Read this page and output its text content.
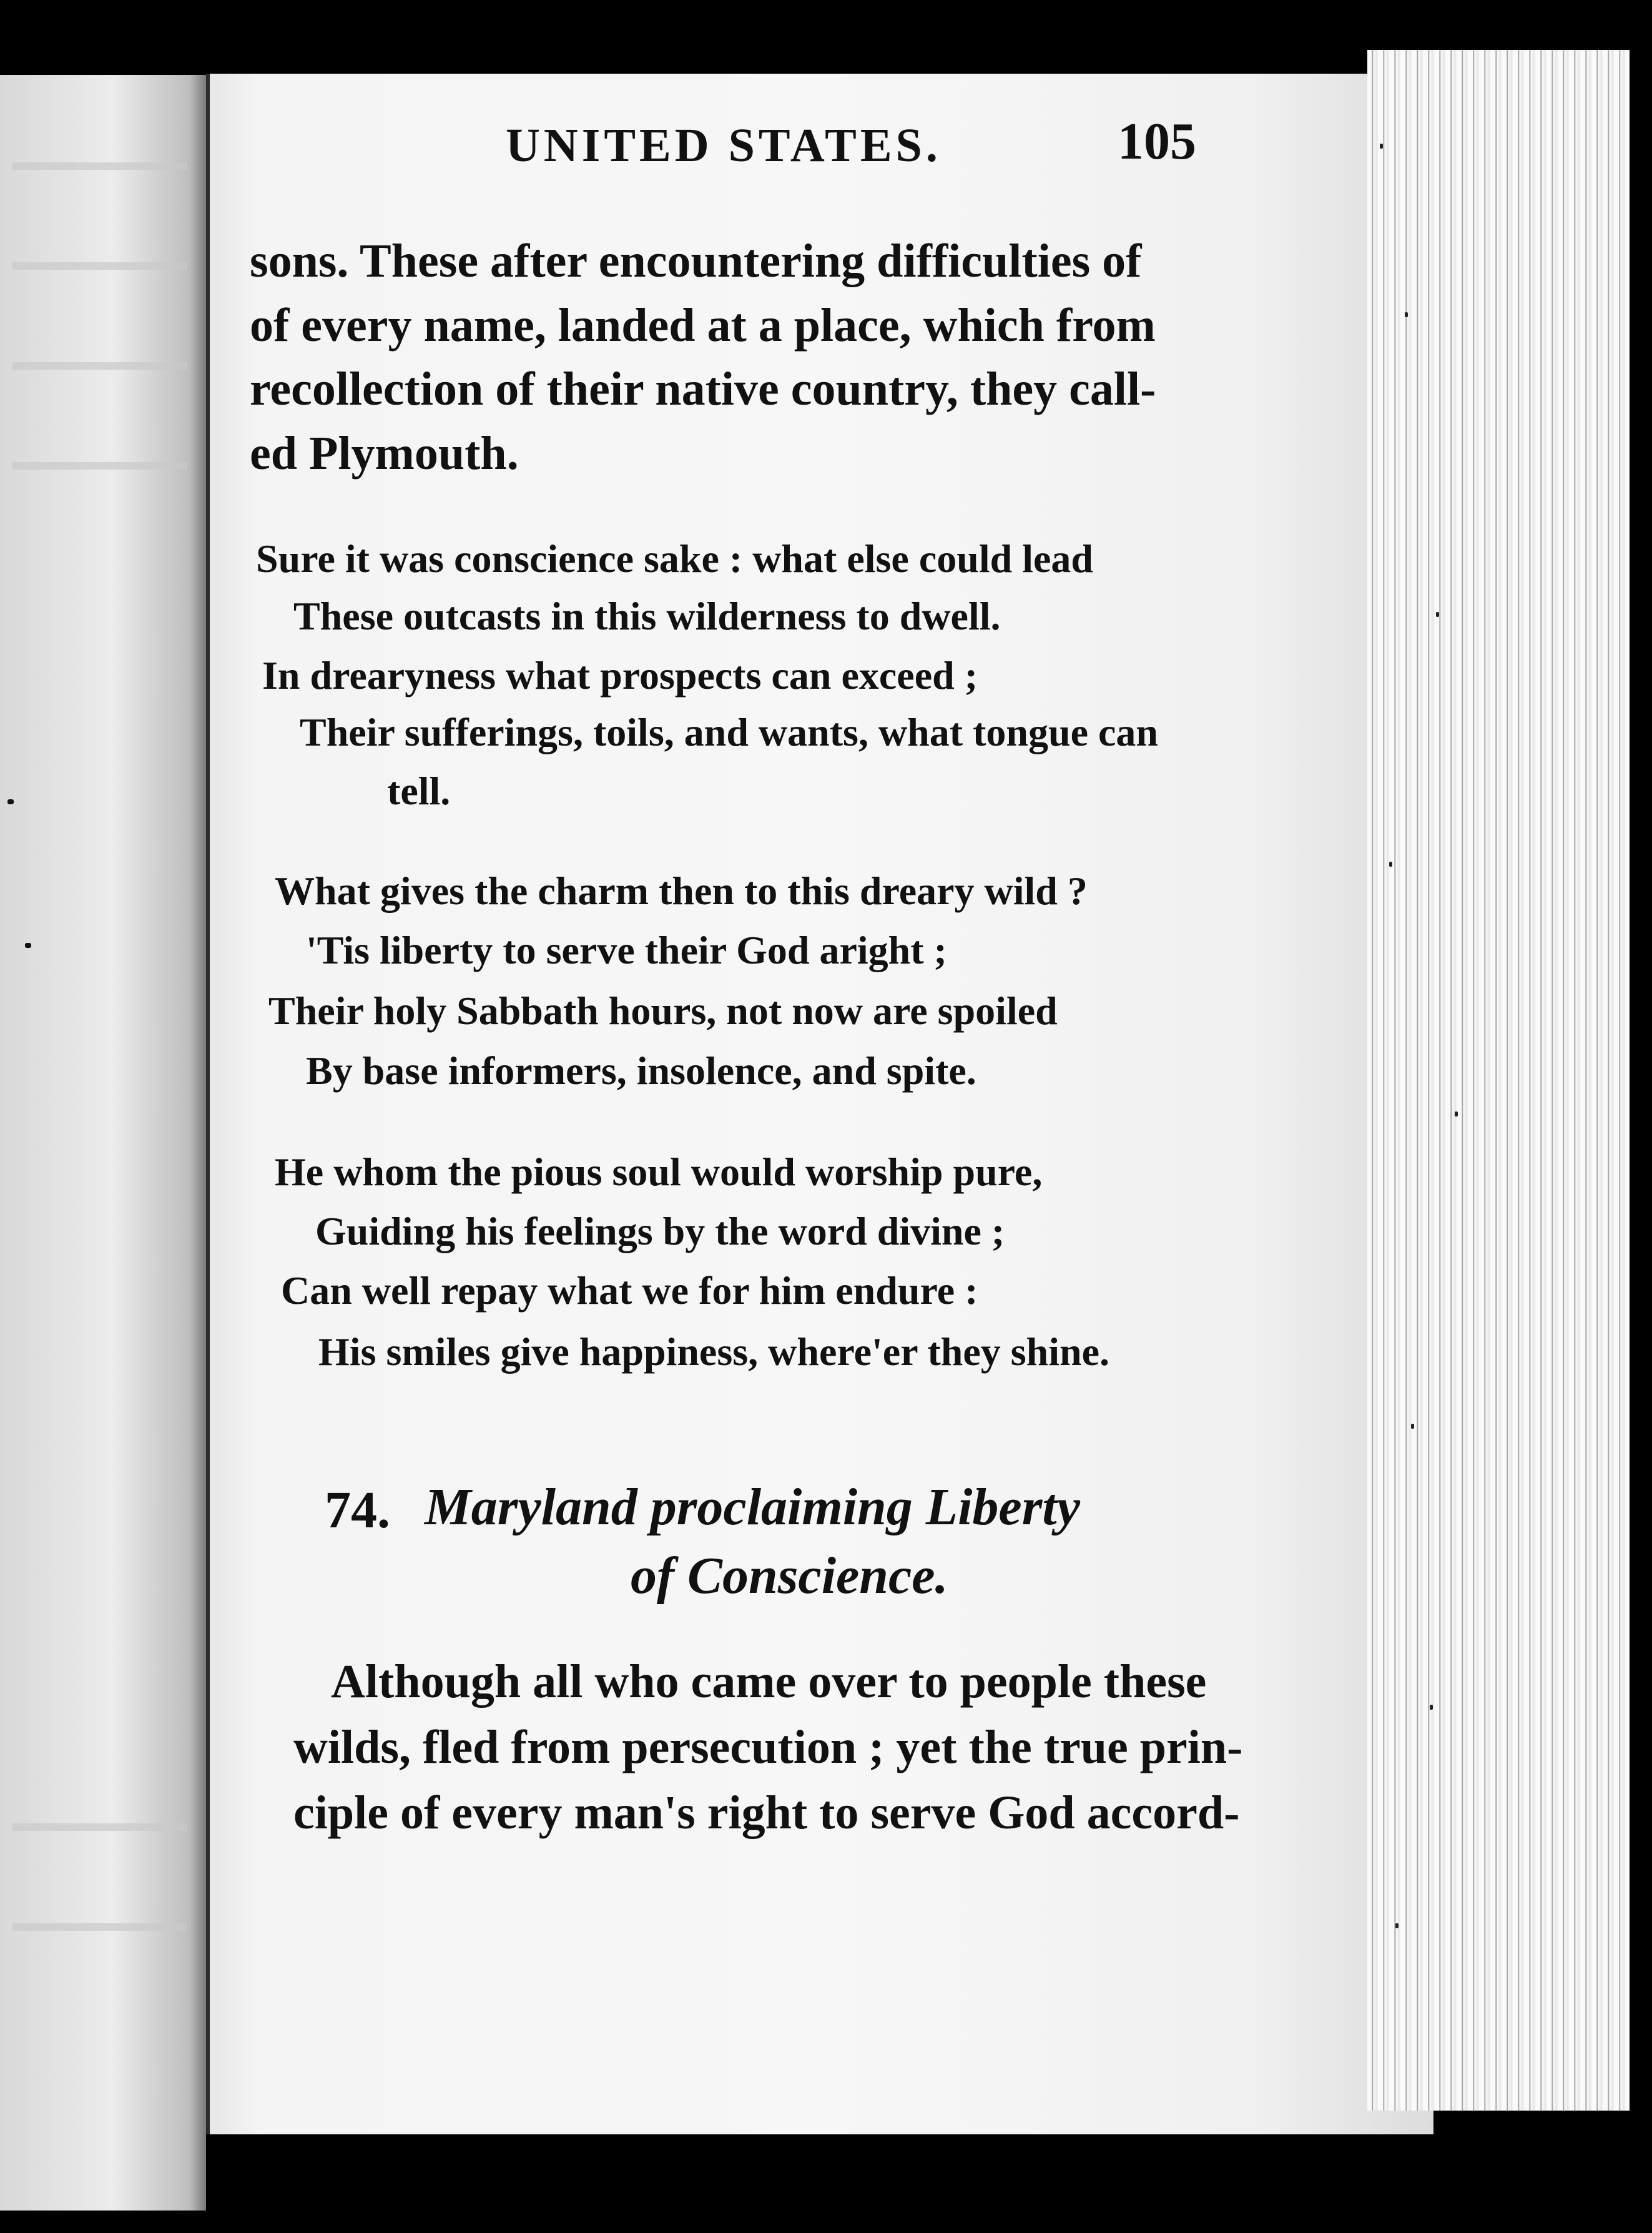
UNITED STATES.	105
sons. These after encountering difficulties of
of every name, landed at a place, which from
recollection of their native country, they call-
ed Plymouth.
Sure it was conscience sake : what else could lead
These outcasts in this wilderness to dwell.
In drearyness what prospects can exceed ;
Their sufferings, toils, and wants, what tongue can
tell.
What gives the charm then to this dreary wild ?
'Tis liberty to serve their God aright ;
Their holy Sabbath hours, not now are spoiled
By base informers, insolence, and spite.
He whom the pious soul would worship pure,
Guiding his feelings by the word divine ;
Can well repay what we for him endure :
His smiles give happiness, where'er they shine.
74. Maryland proclaiming Liberty
of Conscience.
Although all who came over to people these
wilds, fled from persecution ; yet the true prin-
ciple of every man's right to serve God accord-
